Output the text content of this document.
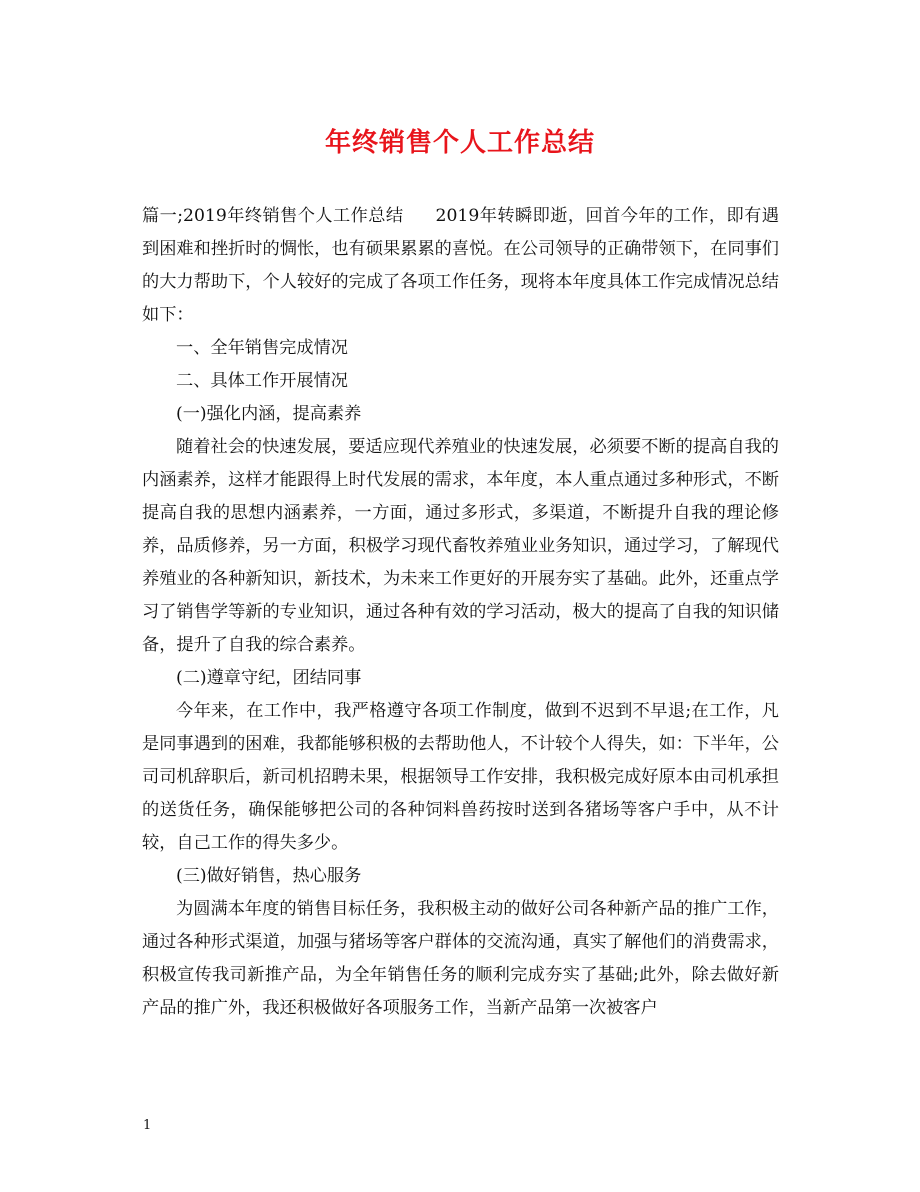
年终销售个人工作总结

篇一;2019年终销售个人工作总结 2019年转瞬即逝，回首今年的工作，即有遇到困难和挫折时的惆怅，也有硕果累累的喜悦。在公司领导的正确带领下，在同事们的大力帮助下，个人较好的完成了各项工作任务，现将本年度具体工作完成情况总结如下：

一、全年销售完成情况

二、具体工作开展情况

(一)强化内涵，提高素养

随着社会的快速发展，要适应现代养殖业的快速发展，必须要不断的提高自我的内涵素养，这样才能跟得上时代发展的需求，本年度，本人重点通过多种形式，不断提高自我的思想内涵素养，一方面，通过多形式，多渠道，不断提升自我的理论修养，品质修养，另一方面，积极学习现代畜牧养殖业业务知识，通过学习，了解现代养殖业的各种新知识，新技术，为未来工作更好的开展夯实了基础。此外，还重点学习了销售学等新的专业知识，通过各种有效的学习活动，极大的提高了自我的知识储备，提升了自我的综合素养。

(二)遵章守纪，团结同事

今年来，在工作中，我严格遵守各项工作制度，做到不迟到不早退;在工作，凡是同事遇到的困难，我都能够积极的去帮助他人，不计较个人得失，如：下半年，公司司机辞职后，新司机招聘未果，根据领导工作安排，我积极完成好原本由司机承担的送货任务，确保能够把公司的各种饲料兽药按时送到各猪场等客户手中，从不计较，自己工作的得失多少。

(三)做好销售，热心服务

为圆满本年度的销售目标任务，我积极主动的做好公司各种新产品的推广工作，通过各种形式渠道，加强与猪场等客户群体的交流沟通，真实了解他们的消费需求，积极宣传我司新推产品，为全年销售任务的顺利完成夯实了基础;此外，除去做好新产品的推广外，我还积极做好各项服务工作，当新产品第一次被客户

1
